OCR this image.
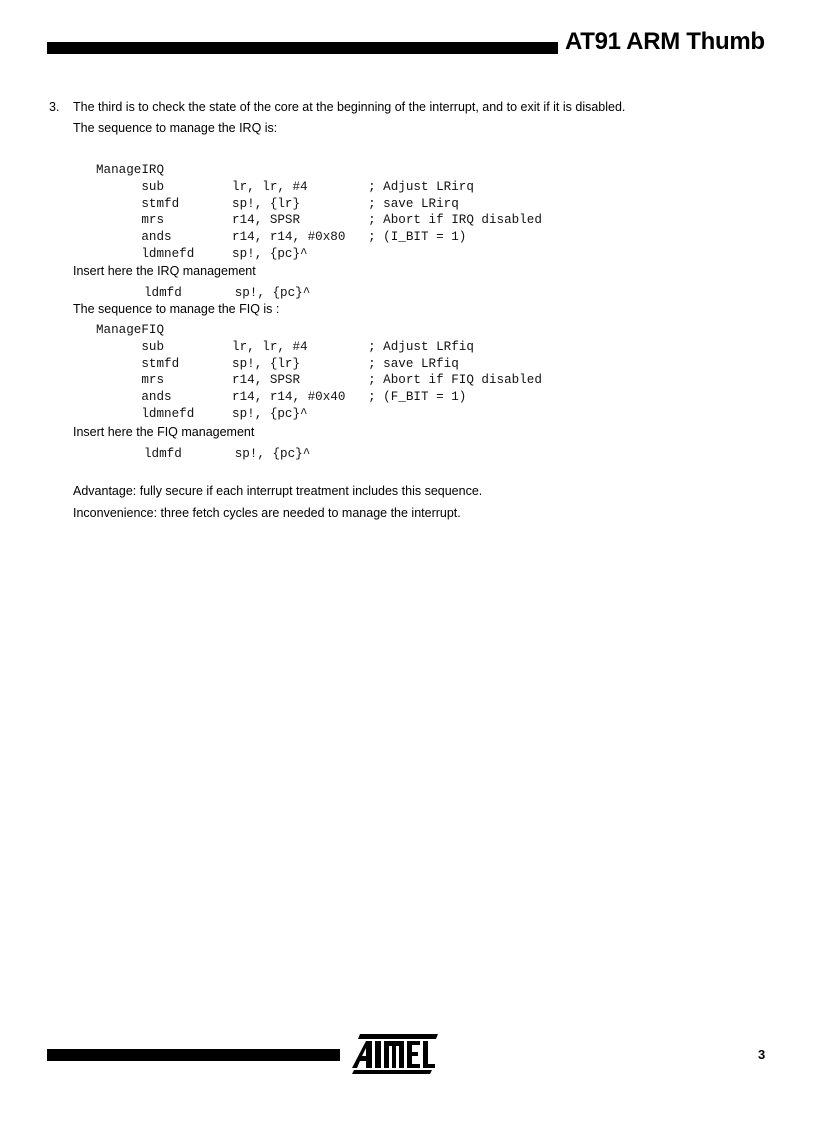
AT91 ARM Thumb
3. The third is to check the state of the core at the beginning of the interrupt, and to exit if it is disabled.
The sequence to manage the IRQ is:
ManageIRQ
sub         lr, lr, #4        ; Adjust LRirq
stmfd       sp!, {lr}         ; save LRirq
mrs         r14, SPSR         ; Abort if IRQ disabled
ands        r14, r14, #0x80   ; (I_BIT = 1)
ldmnefd     sp!, {pc}^
Insert here the IRQ management
ldmfd       sp!, {pc}^
The sequence to manage the FIQ is :
ManageFIQ
sub         lr, lr, #4        ; Adjust LRfiq
stmfd       sp!, {lr}         ; save LRfiq
mrs         r14, SPSR         ; Abort if FIQ disabled
ands        r14, r14, #0x40   ; (F_BIT = 1)
ldmnefd     sp!, {pc}^
Insert here the FIQ management
ldmfd       sp!, {pc}^
Advantage: fully secure if each interrupt treatment includes this sequence.
Inconvenience: three fetch cycles are needed to manage the interrupt.
ATMEL
3
